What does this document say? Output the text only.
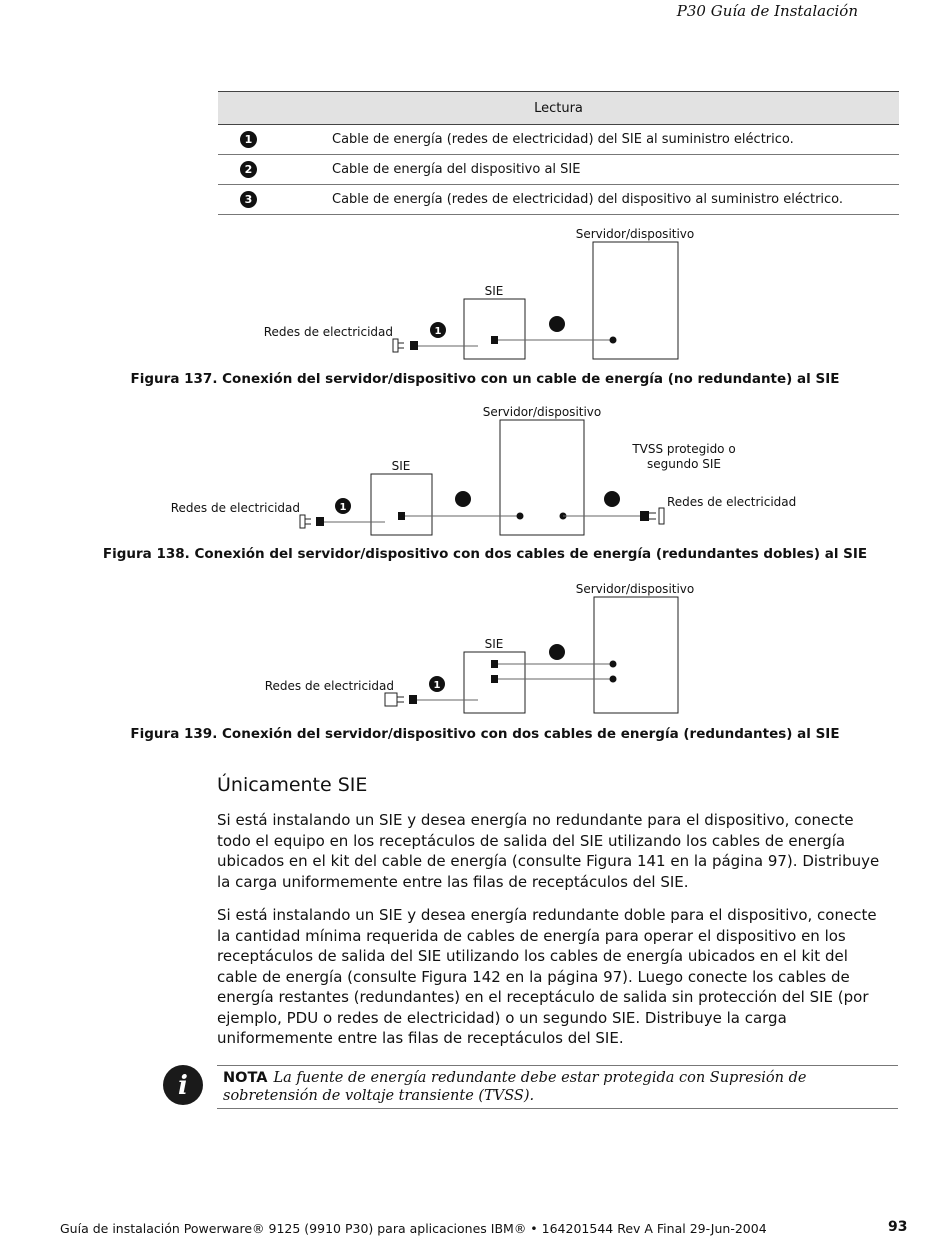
P30 Guía de Instalación
Lectura	
1	Cable de energía (redes de electricidad) del SIE al suministro eléctrico.
2	Cable de energía del dispositivo al SIE
3	Cable de energía (redes de electricidad) del dispositivo al suministro eléctrico.
Servidor/dispositivo
SIE
Redes de electricidad	1
Figura 137. Conexión del servidor/dispositivo con un cable de energía (no redundante) al SIE
Servidor/dispositivo
SIE
TVSS protegido o
segundo SIE
Redes de electricidad	1	Redes de electricidad
Figura 138. Conexión del servidor/dispositivo con dos cables de energía (redundantes dobles) al SIE
Servidor/dispositivo
SIE
Redes de electricidad	1
Figura 139. Conexión del servidor/dispositivo con dos cables de energía (redundantes) al SIE
Únicamente SIE
Si está instalando un SIE y desea energía no redundante para el dispositivo, conecte todo el equipo en los receptáculos de salida del SIE utilizando los cables de energía ubicados en el kit del cable de energía (consulte Figura 141 en la página 97). Distribuye la carga uniformemente entre las filas de receptáculos del SIE.
Si está instalando un SIE y desea energía redundante doble para el dispositivo, conecte la cantidad mínima requerida de cables de energía para operar el dispositivo en los receptáculos de salida del SIE utilizando los cables de energía ubicados en el kit del cable de energía (consulte Figura 142 en la página 97). Luego conecte los cables de energía restantes (redundantes) en el receptáculo de salida sin protección del SIE (por ejemplo, PDU o redes de electricidad) o un segundo SIE. Distribuye la carga uniformemente entre las filas de receptáculos del SIE.
i	NOTA La fuente de energía redundante debe estar protegida con Supresión de sobretensión de voltaje transiente (TVSS).
Guía de instalación Powerware® 9125 (9910 P30) para aplicaciones IBM® • 164201544 Rev A Final 29-Jun-2004	93
